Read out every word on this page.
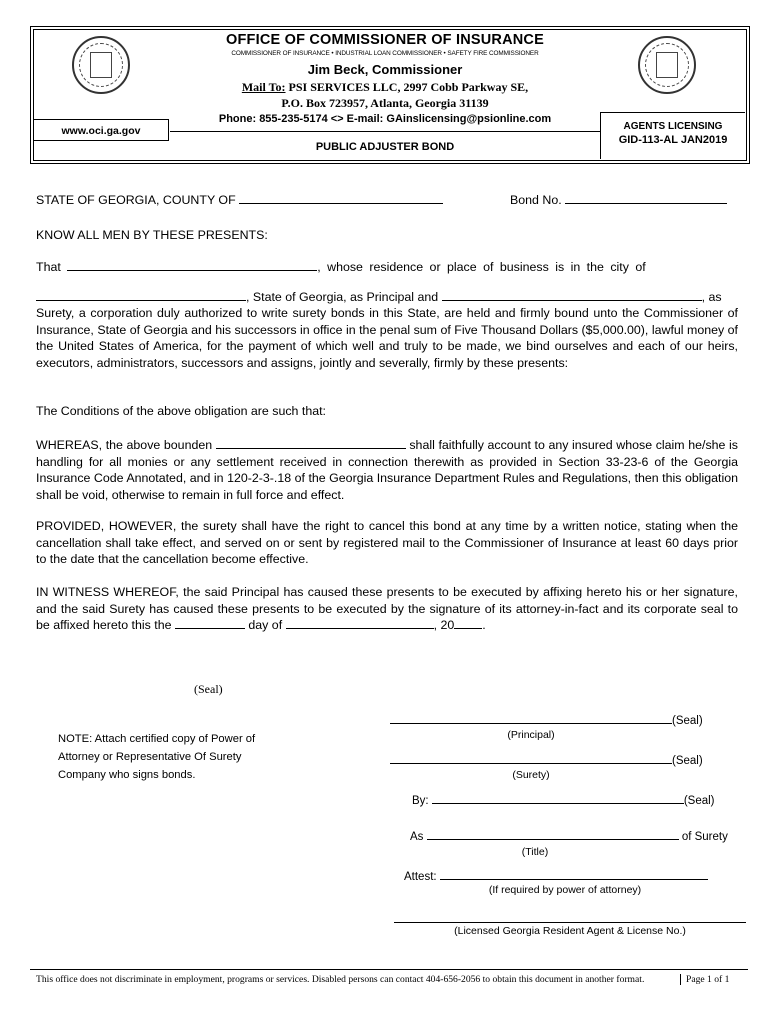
OFFICE OF COMMISSIONER OF INSURANCE
COMMISSIONER OF INSURANCE • INDUSTRIAL LOAN COMMISSIONER • SAFETY FIRE COMMISSIONER
Jim Beck, Commissioner
Mail To: PSI SERVICES LLC, 2997 Cobb Parkway SE,
P.O. Box 723957, Atlanta, Georgia 31139
Phone: 855-235-5174 <> E-mail: GAinslicensing@psionline.com
www.oci.ga.gov
PUBLIC ADJUSTER BOND
AGENTS LICENSING
GID-113-AL JAN2019
STATE OF GEORGIA, COUNTY OF	Bond No.
KNOW ALL MEN BY THESE PRESENTS:
That	, whose residence or place of business is in the city of
, State of Georgia, as Principal and	, as
Surety, a corporation duly authorized to write surety bonds in this State, are held and firmly bound unto the Commissioner of Insurance, State of Georgia and his successors in office in the penal sum of Five Thousand Dollars ($5,000.00), lawful money of the United States of America, for the payment of which well and truly to be made, we bind ourselves and each of our heirs, executors, administrators, successors and assigns, jointly and severally, firmly by these presents:
The Conditions of the above obligation are such that:
WHEREAS, the above bounden	shall faithfully account to any insured whose claim he/she is handling for all monies or any settlement received in connection therewith as provided in Section 33-23-6 of the Georgia Insurance Code Annotated, and in 120-2-3-.18 of the Georgia Insurance Department Rules and Regulations, then this obligation shall be void, otherwise to remain in full force and effect.
PROVIDED, HOWEVER, the surety shall have the right to cancel this bond at any time by a written notice, stating when the cancellation shall take effect, and served on or sent by registered mail to the Commissioner of Insurance at least 60 days prior to the date that the cancellation become effective.
IN WITNESS WHEREOF, the said Principal has caused these presents to be executed by affixing hereto his or her signature, and the said Surety has caused these presents to be executed by the signature of its attorney-in-fact and its corporate seal to be affixed hereto this the	day of	, 20 .
(Seal)
NOTE: Attach certified copy of Power of Attorney or Representative Of Surety Company who signs bonds.
(Seal)
(Principal)
(Seal)
(Surety)
By:	(Seal)
As	of Surety
(Title)
Attest:
(If required by power of attorney)
(Licensed Georgia Resident Agent & License No.)
This office does not discriminate in employment, programs or services. Disabled persons can contact 404-656-2056 to obtain this document in another format.	Page 1 of 1
